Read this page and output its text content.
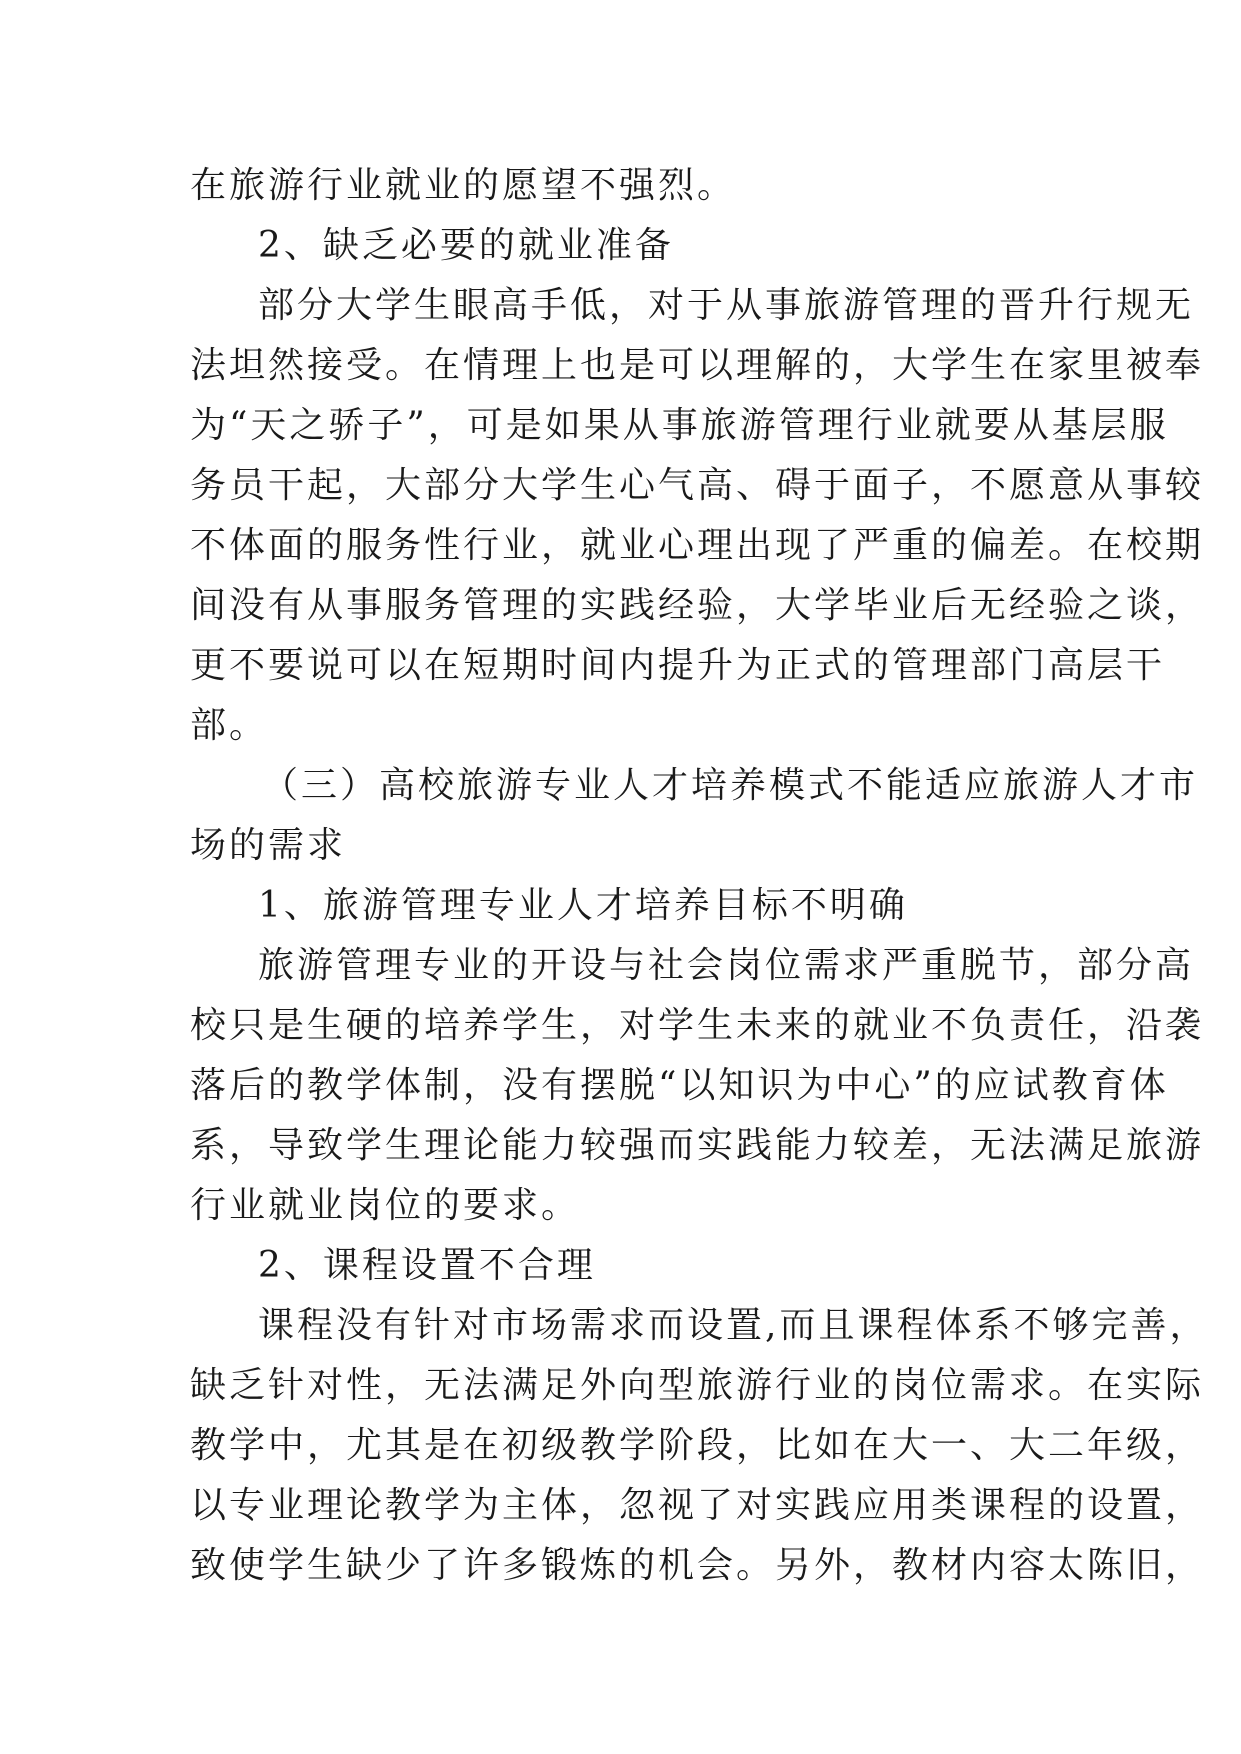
在旅游行业就业的愿望不强烈。
2、缺乏必要的就业准备
部分大学生眼高手低，对于从事旅游管理的晋升行规无
法坦然接受。在情理上也是可以理解的，大学生在家里被奉
为“天之骄子”，可是如果从事旅游管理行业就要从基层服
务员干起，大部分大学生心气高、碍于面子，不愿意从事较
不体面的服务性行业，就业心理出现了严重的偏差。在校期
间没有从事服务管理的实践经验，大学毕业后无经验之谈，
更不要说可以在短期时间内提升为正式的管理部门高层干
部。
（三）高校旅游专业人才培养模式不能适应旅游人才市
场的需求
1、旅游管理专业人才培养目标不明确
旅游管理专业的开设与社会岗位需求严重脱节，部分高
校只是生硬的培养学生，对学生未来的就业不负责任，沿袭
落后的教学体制，没有摆脱“以知识为中心”的应试教育体
系，导致学生理论能力较强而实践能力较差，无法满足旅游
行业就业岗位的要求。
2、课程设置不合理
课程没有针对市场需求而设置,而且课程体系不够完善，
缺乏针对性，无法满足外向型旅游行业的岗位需求。在实际
教学中，尤其是在初级教学阶段，比如在大一、大二年级，
以专业理论教学为主体，忽视了对实践应用类课程的设置，
致使学生缺少了许多锻炼的机会。另外，教材内容太陈旧，
